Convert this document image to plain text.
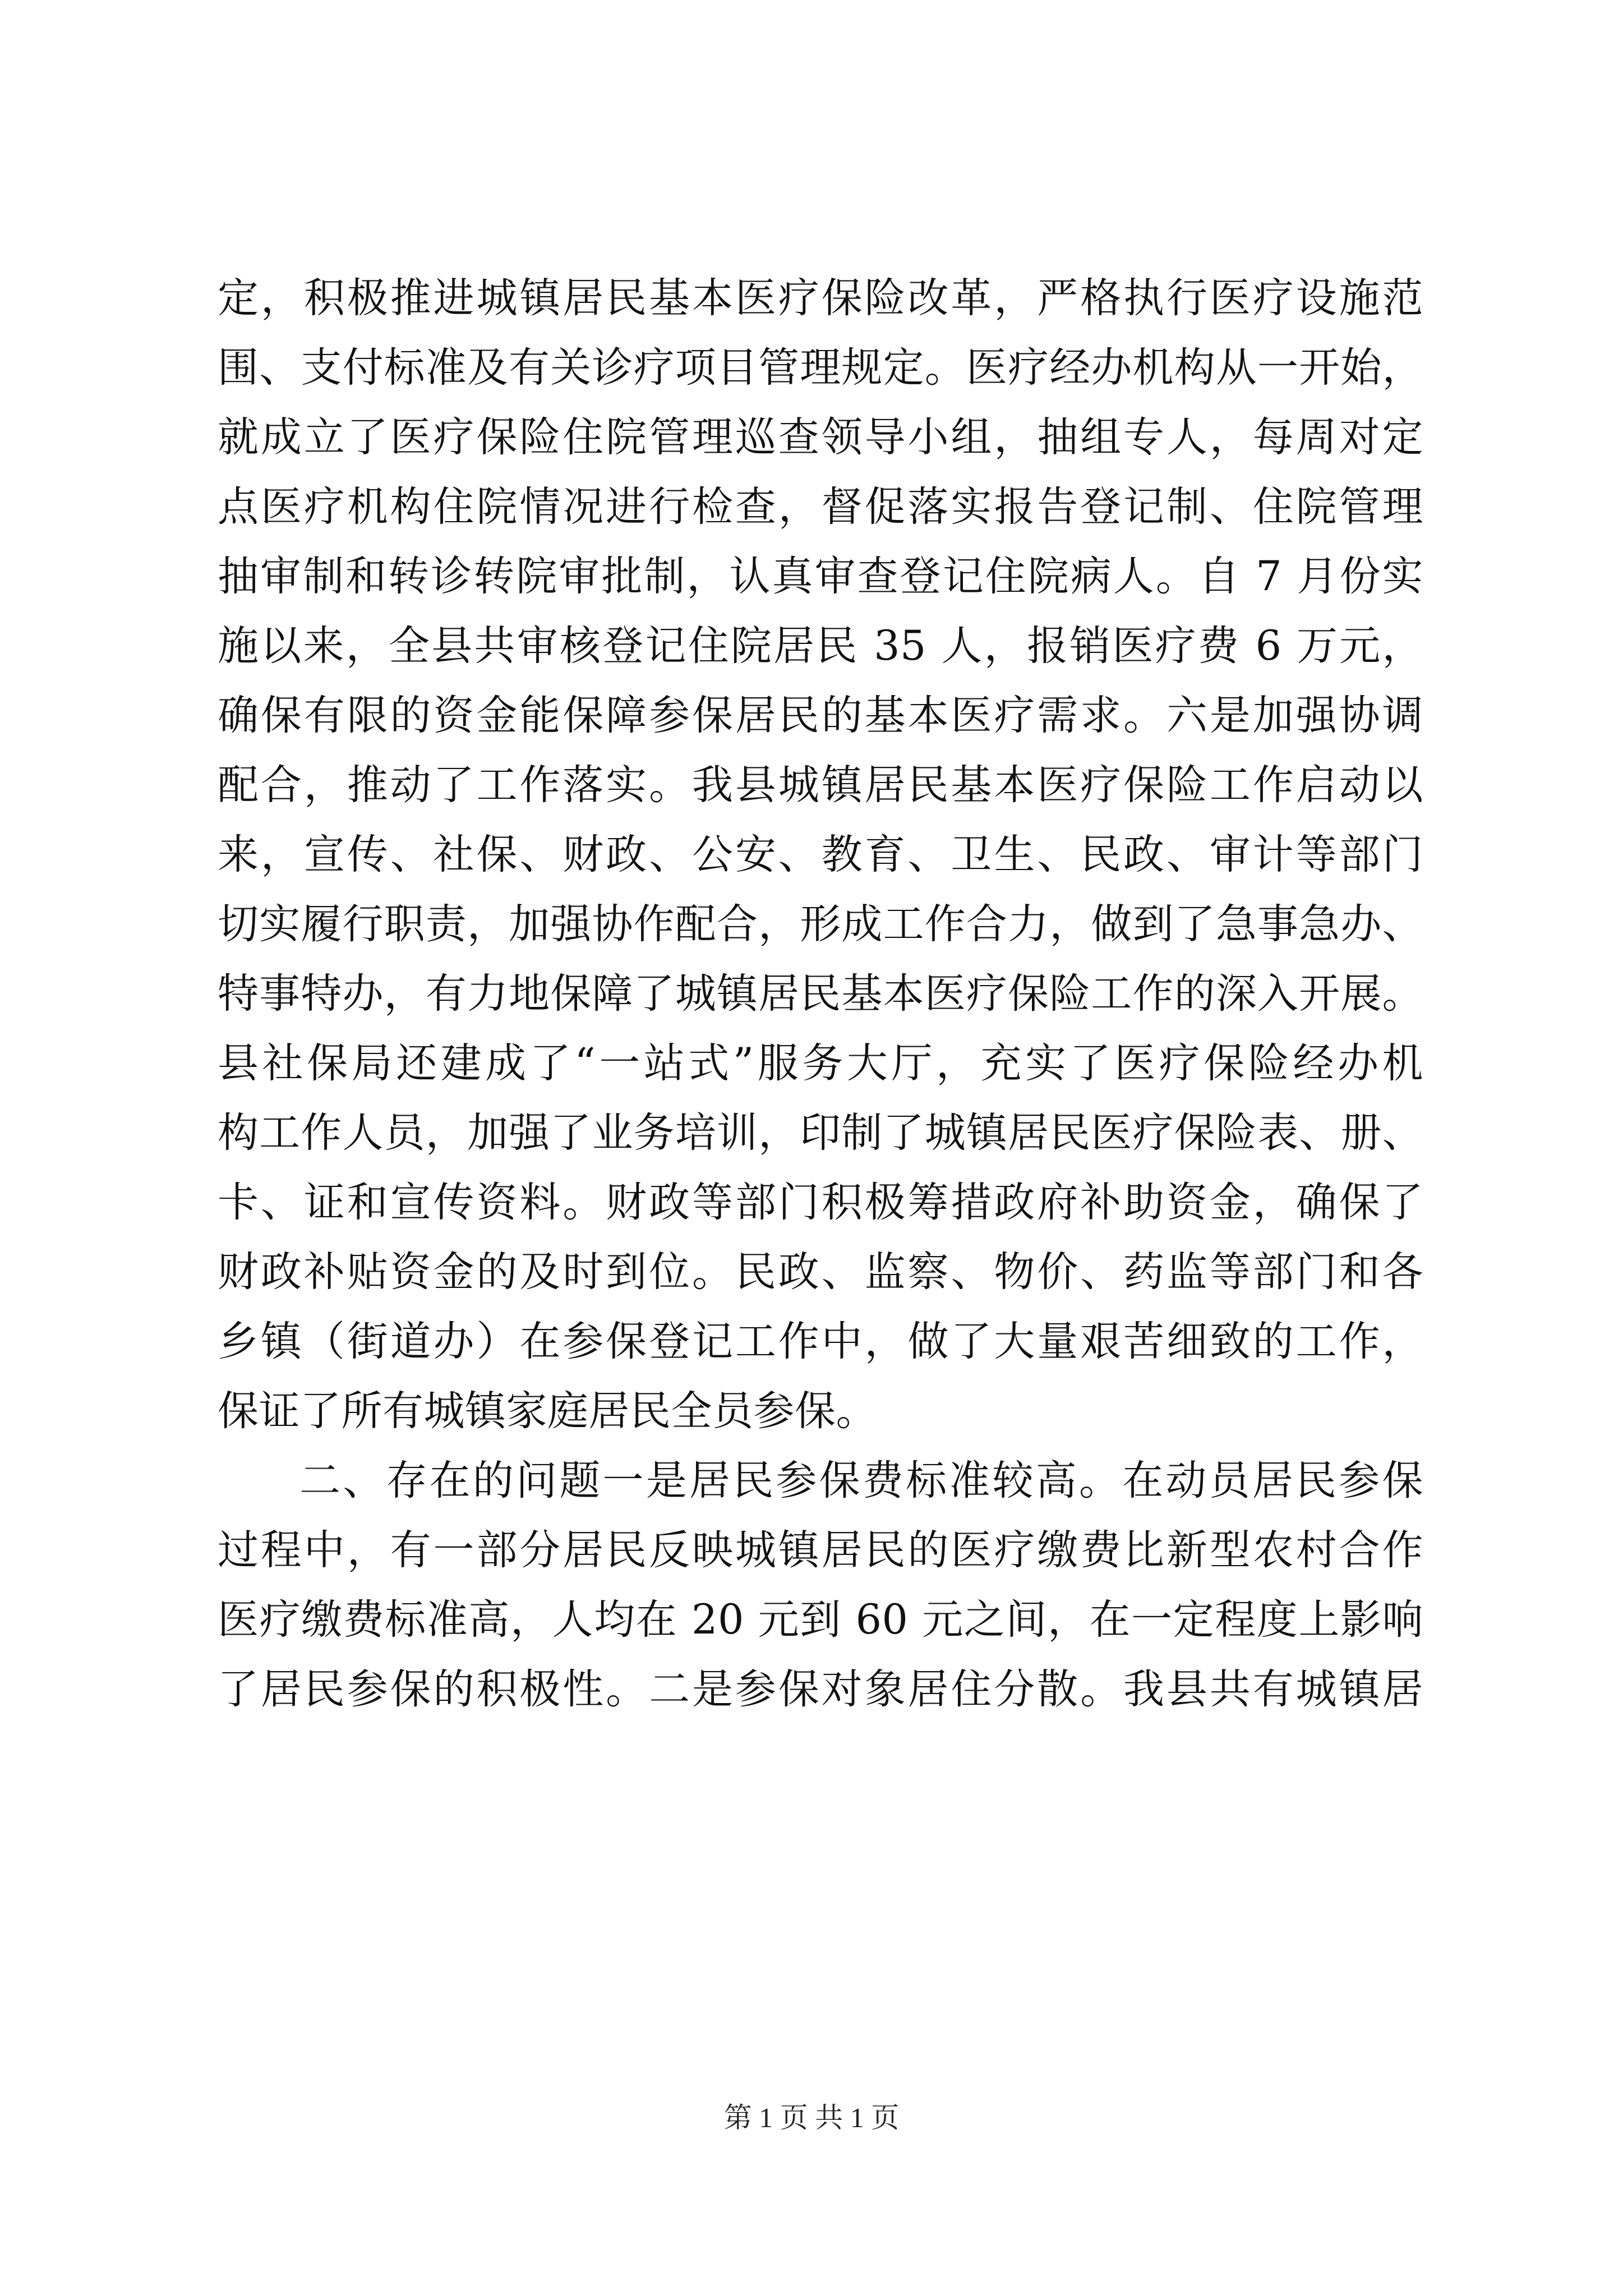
定，积极推进城镇居民基本医疗保险改革，严格执行医疗设施范
围、支付标准及有关诊疗项目管理规定。医疗经办机构从一开始，
就成立了医疗保险住院管理巡查领导小组，抽组专人，每周对定
点医疗机构住院情况进行检查，督促落实报告登记制、住院管理
抽审制和转诊转院审批制，认真审查登记住院病人。自 7 月份实
施以来，全县共审核登记住院居民 35 人，报销医疗费 6 万元，
确保有限的资金能保障参保居民的基本医疗需求。六是加强协调
配合，推动了工作落实。我县城镇居民基本医疗保险工作启动以
来，宣传、社保、财政、公安、教育、卫生、民政、审计等部门
切实履行职责，加强协作配合，形成工作合力，做到了急事急办、
特事特办，有力地保障了城镇居民基本医疗保险工作的深入开展。
县社保局还建成了“一站式”服务大厅，充实了医疗保险经办机
构工作人员，加强了业务培训，印制了城镇居民医疗保险表、册、
卡、证和宣传资料。财政等部门积极筹措政府补助资金，确保了
财政补贴资金的及时到位。民政、监察、物价、药监等部门和各
乡镇（街道办）在参保登记工作中，做了大量艰苦细致的工作，
保证了所有城镇家庭居民全员参保。
二、存在的问题一是居民参保费标准较高。在动员居民参保
过程中，有一部分居民反映城镇居民的医疗缴费比新型农村合作
医疗缴费标准高，人均在 20 元到 60 元之间，在一定程度上影响
了居民参保的积极性。二是参保对象居住分散。我县共有城镇居
第 1 页 共 1 页
